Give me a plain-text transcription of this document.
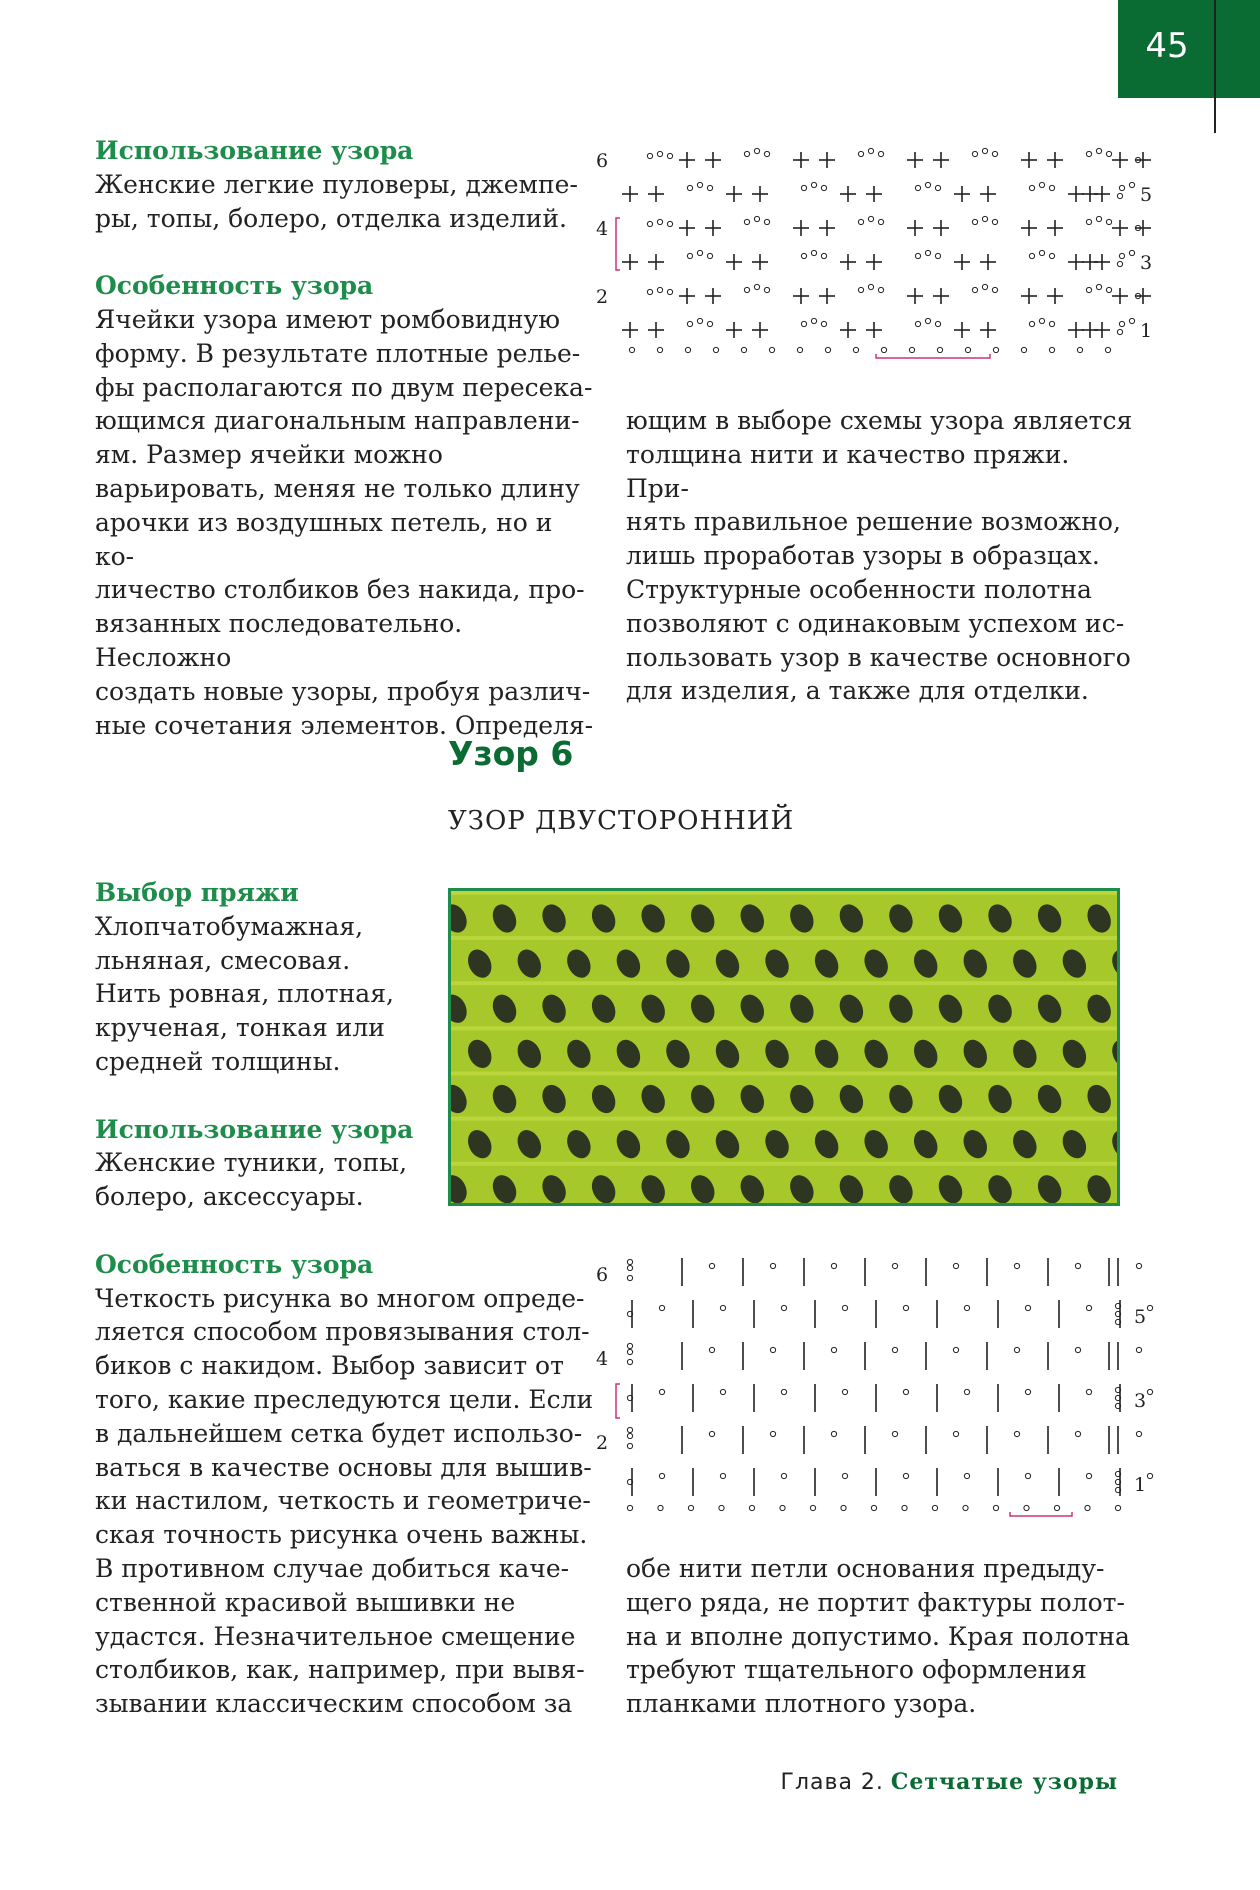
45

Использование узора

Женские легкие пуловеры, джемпе-
ры, топы, болеро, отделка изделий.

Особенность узора

Ячейки узора имеют ромбовидную
форму. В результате плотные релье-
фы располагаются по двум пересека-
ющимся диагональным направлени-
ям. Размер ячейки можно
варьировать, меняя не только длину
арочки из воздушных петель, но и ко-
личество столбиков без накида, про-
вязанных последовательно. Несложно
создать новые узоры, пробуя различ-
ные сочетания элементов. Определя-
6
4
2
5
3
1
ющим в выборе схемы узора является
толщина нити и качество пряжи. При-
нять правильное решение возможно,
лишь проработав узоры в образцах.
Структурные особенности полотна
позволяют с одинаковым успехом ис-
пользовать узор в качестве основного
для изделия, а также для отделки.
Узор 6
УЗОР ДВУСТОРОННИЙ

Выбор пряжи

Хлопчатобумажная,
льняная, смесовая.
Нить ровная, плотная,
крученая, тонкая или
средней толщины.

Использование узора

Женские туники, топы,
болеро, аксессуары.

Особенность узора

Четкость рисунка во многом опреде-
ляется способом провязывания стол-
биков с накидом. Выбор зависит от
того, какие преследуются цели. Если
в дальнейшем сетка будет использо-
ваться в качестве основы для вышив-
ки настилом, четкость и геометриче-
ская точность рисунка очень важны.
В противном случае добиться каче-
ственной красивой вышивки не
удастся. Незначительное смещение
столбиков, как, например, при вывя-
зывании классическим способом за
6
4
2
5
3
1
обе нити петли основания предыду-
щего ряда, не портит фактуры полот-
на и вполне допустимо. Края полотна
требуют тщательного оформления
планками плотного узора.
Глава 2. Сетчатые узоры
